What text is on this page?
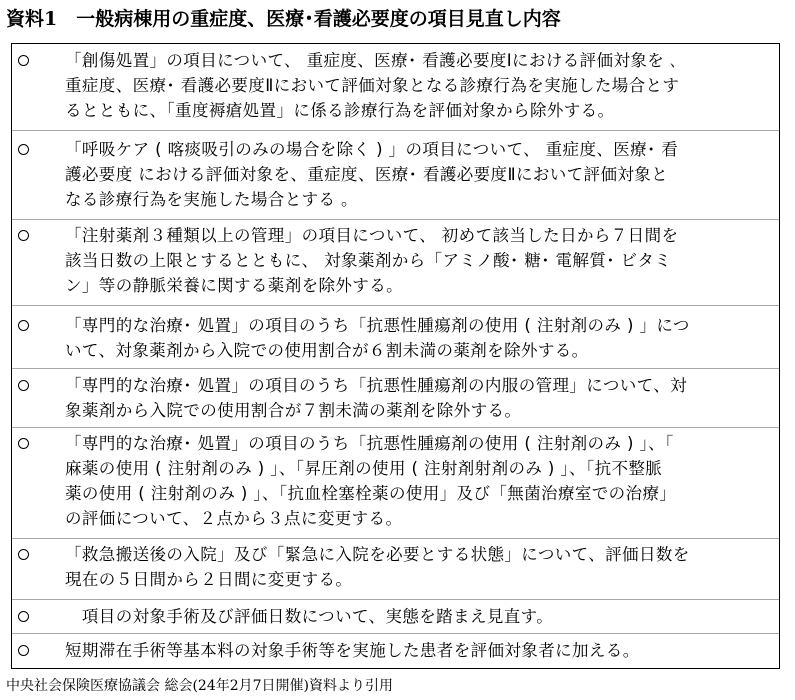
資料1　一般病棟用の重症度、医療･看護必要度の項目見直し内容
「創傷処置」の項目について、 重症度、医療･ 看護必要度Ⅰにおける評価対象を ､
重症度、医療･ 看護必要度Ⅱにおいて評価対象となる診療行為を実施した場合とす
るとともに、「重度褥瘡処置」に係る診療行為を評価対象から除外する。
「呼吸ケア ( 喀痰吸引のみの場合を除く ) 」の項目について、 重症度、医療･ 看
護必要度 における評価対象を、重症度、医療･ 看護必要度Ⅱにおいて評価対象と
なる診療行為を実施した場合とする 。
「注射薬剤３種類以上の管理」の項目について、 初めて該当した日から７日間を
該当日数の上限とするとともに、 対象薬剤から「アミノ酸･ 糖･ 電解質･ ビタミ
ン」等の静脈栄養に関する薬剤を除外する。
「専門的な治療･ 処置」の項目のうち「抗悪性腫瘍剤の使用 ( 注射剤のみ ) 」につ
いて、対象薬剤から入院での使用割合が６割未満の薬剤を除外する。
「専門的な治療･ 処置」の項目のうち「抗悪性腫瘍剤の内服の管理」について、対
象薬剤から入院での使用割合が７割未満の薬剤を除外する。
「専門的な治療･ 処置」の項目のうち「抗悪性腫瘍剤の使用 ( 注射剤のみ ) 」、「
麻薬の使用 ( 注射剤のみ ) 」、「昇圧剤の使用 ( 注射剤射剤のみ ) 」、「抗不整脈
薬の使用 ( 注射剤のみ ) 」、「抗血栓塞栓薬の使用」及び「無菌治療室での治療」
の評価について、２点から３点に変更する。
「救急搬送後の入院」及び「緊急に入院を必要とする状態」について、評価日数を
現在の５日間から２日間に変更する。
　項目の対象手術及び評価日数について、実態を踏まえ見直す。
短期滞在手術等基本料の対象手術等を実施した患者を評価対象者に加える。
中央社会保険医療協議会 総会(24年2月7日開催)資料より引用
